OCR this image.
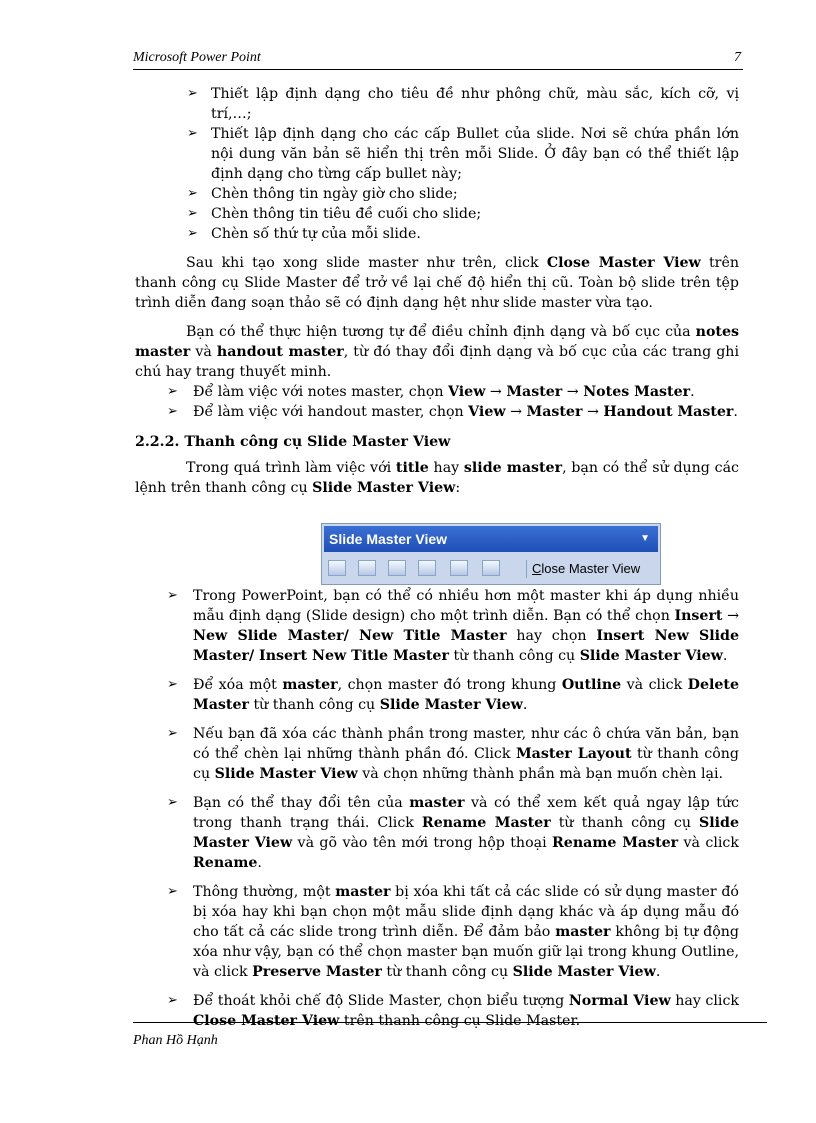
Microsoft Power Point	7
➢ Thiết lập định dạng cho tiêu đề như phông chữ, màu sắc, kích cỡ, vị trí,…;
➢ Thiết lập định dạng cho các cấp Bullet của slide. Nơi sẽ chứa phần lớn nội dung văn bản sẽ hiển thị trên mỗi Slide. Ở đây bạn có thể thiết lập định dạng cho từng cấp bullet này;
➢ Chèn thông tin ngày giờ cho slide;
➢ Chèn thông tin tiêu đề cuối cho slide;
➢ Chèn số thứ tự của mỗi slide.
Sau khi tạo xong slide master như trên, click Close Master View trên thanh công cụ Slide Master để trở về lại chế độ hiển thị cũ. Toàn bộ slide trên tệp trình diễn đang soạn thảo sẽ có định dạng hệt như slide master vừa tạo.
Bạn có thể thực hiện tương tự để điều chỉnh định dạng và bố cục của notes master và handout master, từ đó thay đổi định dạng và bố cục của các trang ghi chú hay trang thuyết minh.
➢ Để làm việc với notes master, chọn View → Master → Notes Master.
➢ Để làm việc với handout master, chọn View → Master → Handout Master.
2.2.2. Thanh công cụ Slide Master View
Trong quá trình làm việc với title hay slide master, bạn có thể sử dụng các lệnh trên thanh công cụ Slide Master View:
➢ Trong PowerPoint, bạn có thể có nhiều hơn một master khi áp dụng nhiều mẫu định dạng (Slide design) cho một trình diễn. Bạn có thể chọn Insert → New Slide Master/ New Title Master hay chọn Insert New Slide Master/ Insert New Title Master từ thanh công cụ Slide Master View.
➢ Để xóa một master, chọn master đó trong khung Outline và click Delete Master từ thanh công cụ Slide Master View.
➢ Nếu bạn đã xóa các thành phần trong master, như các ô chứa văn bản, bạn có thể chèn lại những thành phần đó. Click Master Layout từ thanh công cụ Slide Master View và chọn những thành phần mà bạn muốn chèn lại.
➢ Bạn có thể thay đổi tên của master và có thể xem kết quả ngay lập tức trong thanh trạng thái. Click Rename Master từ thanh công cụ Slide Master View và gõ vào tên mới trong hộp thoại Rename Master và click Rename.
➢ Thông thường, một master bị xóa khi tất cả các slide có sử dụng master đó bị xóa hay khi bạn chọn một mẫu slide định dạng khác và áp dụng mẫu đó cho tất cả các slide trong trình diễn. Để đảm bảo master không bị tự động xóa như vậy, bạn có thể chọn master bạn muốn giữ lại trong khung Outline, và click Preserve Master từ thanh công cụ Slide Master View.
➢ Để thoát khỏi chế độ Slide Master, chọn biểu tượng Normal View hay click Close Master View trên thanh công cụ Slide Master.
Slide Master View	▼
Close Master View
Phan Hồ Hạnh
